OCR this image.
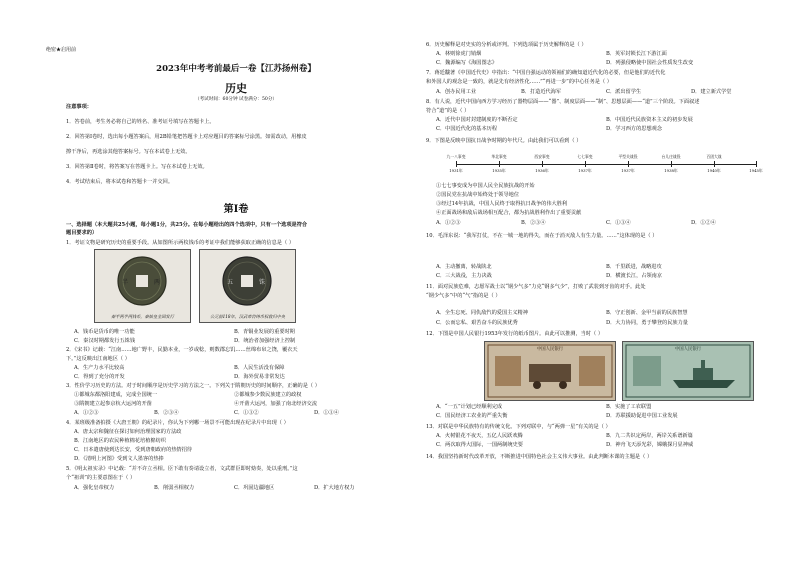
绝密★启用前
2023年中考考前最后一卷【江苏扬州卷】
历史
（考试时间：60分钟 试卷满分：50分）
注意事项：
1．答卷前，考生务必将自己的姓名、准考证号填写在答题卡上。
2．回答第Ⅰ卷时，选出每小题答案后，用2B铅笔把答题卡上对应题目的答案标号涂黑。如需改动，用橡皮
擦干净后，再选涂其他答案标号。写在本试卷上无效。
3．回答第Ⅱ卷时，将答案写在答题卡上。写在本试卷上无效。
4．考试结束后，将本试卷和答题卡一并交回。
第Ⅰ卷
一、选择题（本大题共25小题，每小题1分，共25分。在每小题给出的四个选项中，只有一个选项是符合
题目要求的）
1．考证文物是研究历史的重要手段。从如图所示两枚钱币的考证中我们能够获取正确的信息是（ ）
半	两
秦半两半两钱币，秦始皇全国发行
五	铢
公元前118年，汉武帝将铸币权收归中央
A．钱币是货币的唯一功能	B．青铜业发展的重要时期
C．秦汉时期都发行五铢钱	D．统治者加强经济上控制
2．《宋书》记载：“江南……地广野丰，民勤本业，一岁或稔，则数郡忘饥……丝绵布帛之饶，覆衣天
下。”这反映出江南地区（ ）
A．生产力水平比较高	B．人民生活没有保障
C．得到了充分的开发	D．海外贸易非常发达
3．性价学习历史的方法。对于时间顺序是历史学习的方法之一。下列关于隋朝历史的时间顺序，正确的是（ ）
①都城东都洛阳建成，完成全国统一	②都城参少数民族建立的政权
③隋朝建立起参京杭大运河的开凿	④开凿大运河，加强了南北经济交流
A．①②③	B．②③④	C．①③②	D．①③④
4．某班级准备拍摄《大唐王朝》的纪录片，你认为下列哪一场景不可能出现在纪录片中出现（ ）
A．唐太宗和魏征在探讨如何治理国家的方法政
B．江南地区的农民种植棉花培植棉纺织
C．日本遣唐使到达长安，受到唐朝政府的热情招待
D．《清明上河图》受到文人墨客的热捧
5．《明太祖实录》中记载：“并不许立丞相。臣下敢有奏请设立者，文武群臣即时劾奏，处以重刑。”这
个“祖训”的主要意图在于（ ）
A．强化皇帝权力	B．削弱丞相权力	C．巩固边疆地区	D．扩大地方权力
6．历史解释是对史实的分析或评判。下列选项属于历史解释的是（ ）
A．林则徐虎门销烟	B．英军封锁长江下游江面
C．魏源编写《海国图志》	D．列强侵略使中国社会性质发生改变
7．蒋廷黻著《中国近代史》中指出：“中国自强运动的领袖们的确知道近代化的必要，但是他们的近代化
和外国人的观念是一致的，就是先有经济性化……”“再进一步”的中心任务是（ ）
A．创办民用工业	B．打造近代海军	C．派出留学生	D．建立新式学堂
8．有人说，近代中国向西方学习经历了器物层面——“器”、制度层面——“制”、思想层面——“道”三个阶段。下面叙述
符合“道”的是（ ）
A．近代中国对封建制度的不断否定	B．中国近代民族资本主义的初步发展
C．中国近代化的基本历程	D．学习西方的思想观念
9．下图是反映中国抗日战争时期的年代尺。由此我们可以看到（ ）
九一八事变	华北事变	西安事变	七七事变	平型关战役	台儿庄战役	百团大战
1931年	1935年	1936年	1937年	1937年	1938年	1940年	1945年
①七七事变成为中国人民全民族抗战的开始
②国民党在抗战中始终处于领导地位
③经过14年抗战，中国人民终于取得抗日战争的伟大胜利
④正面战场和敌后战场相互配合，都为抗战胜利作出了重要贡献
A．①②③	B．②③④	C．①③④	D．①②④
10．毛泽东说：“我军打仗，不在一城一地的得失，而在于消灭敌人有生力量。……”这体现的是（ ）
A．主动撤离，转战陕北	B．千里跃进，战略进攻
C．三大战役，主力决战	D．横渡长江，占领南京
11．面对民族危难，志愿军战士以“钢少气多”力克“钢多气少”，打败了武装到牙齿的对手。此处
“钢少气多”中的“气”指的是（ ）
A．全生忘死、同仇敌忾的爱国主义精神	B．守正创新、金甲当前的民族智慧
C．公而忘私、艰苦奋斗的民族优秀	D．大力协同，勇于攀登的民族力量
12．下图是中国人民银行1953年发行的纸币图片。由此可以推测，当时（ ）
中国人民银行	中国人民银行
A．“一五”计划已经顺利完成	B．实施了工农联盟
C．国民经济工农业的严重失衡	D．苏联援助促进中国工业发展
13．对联是中华民族特有的传统文化。下列对联中，与“两弹一星”有关的是（ ）
A．火树银花不夜天，五亿人民跃欢腾	B．九二共识定两岸，两岸关系谱新篇
C．两次取得大国际，一国两制统史要	D．神舟飞天添光彩，嫦娥探月显神威
14．我国坚持新时代改革开放，不断推进中国特色社会主义伟大事业。由此判断本课的主题是（ ）
